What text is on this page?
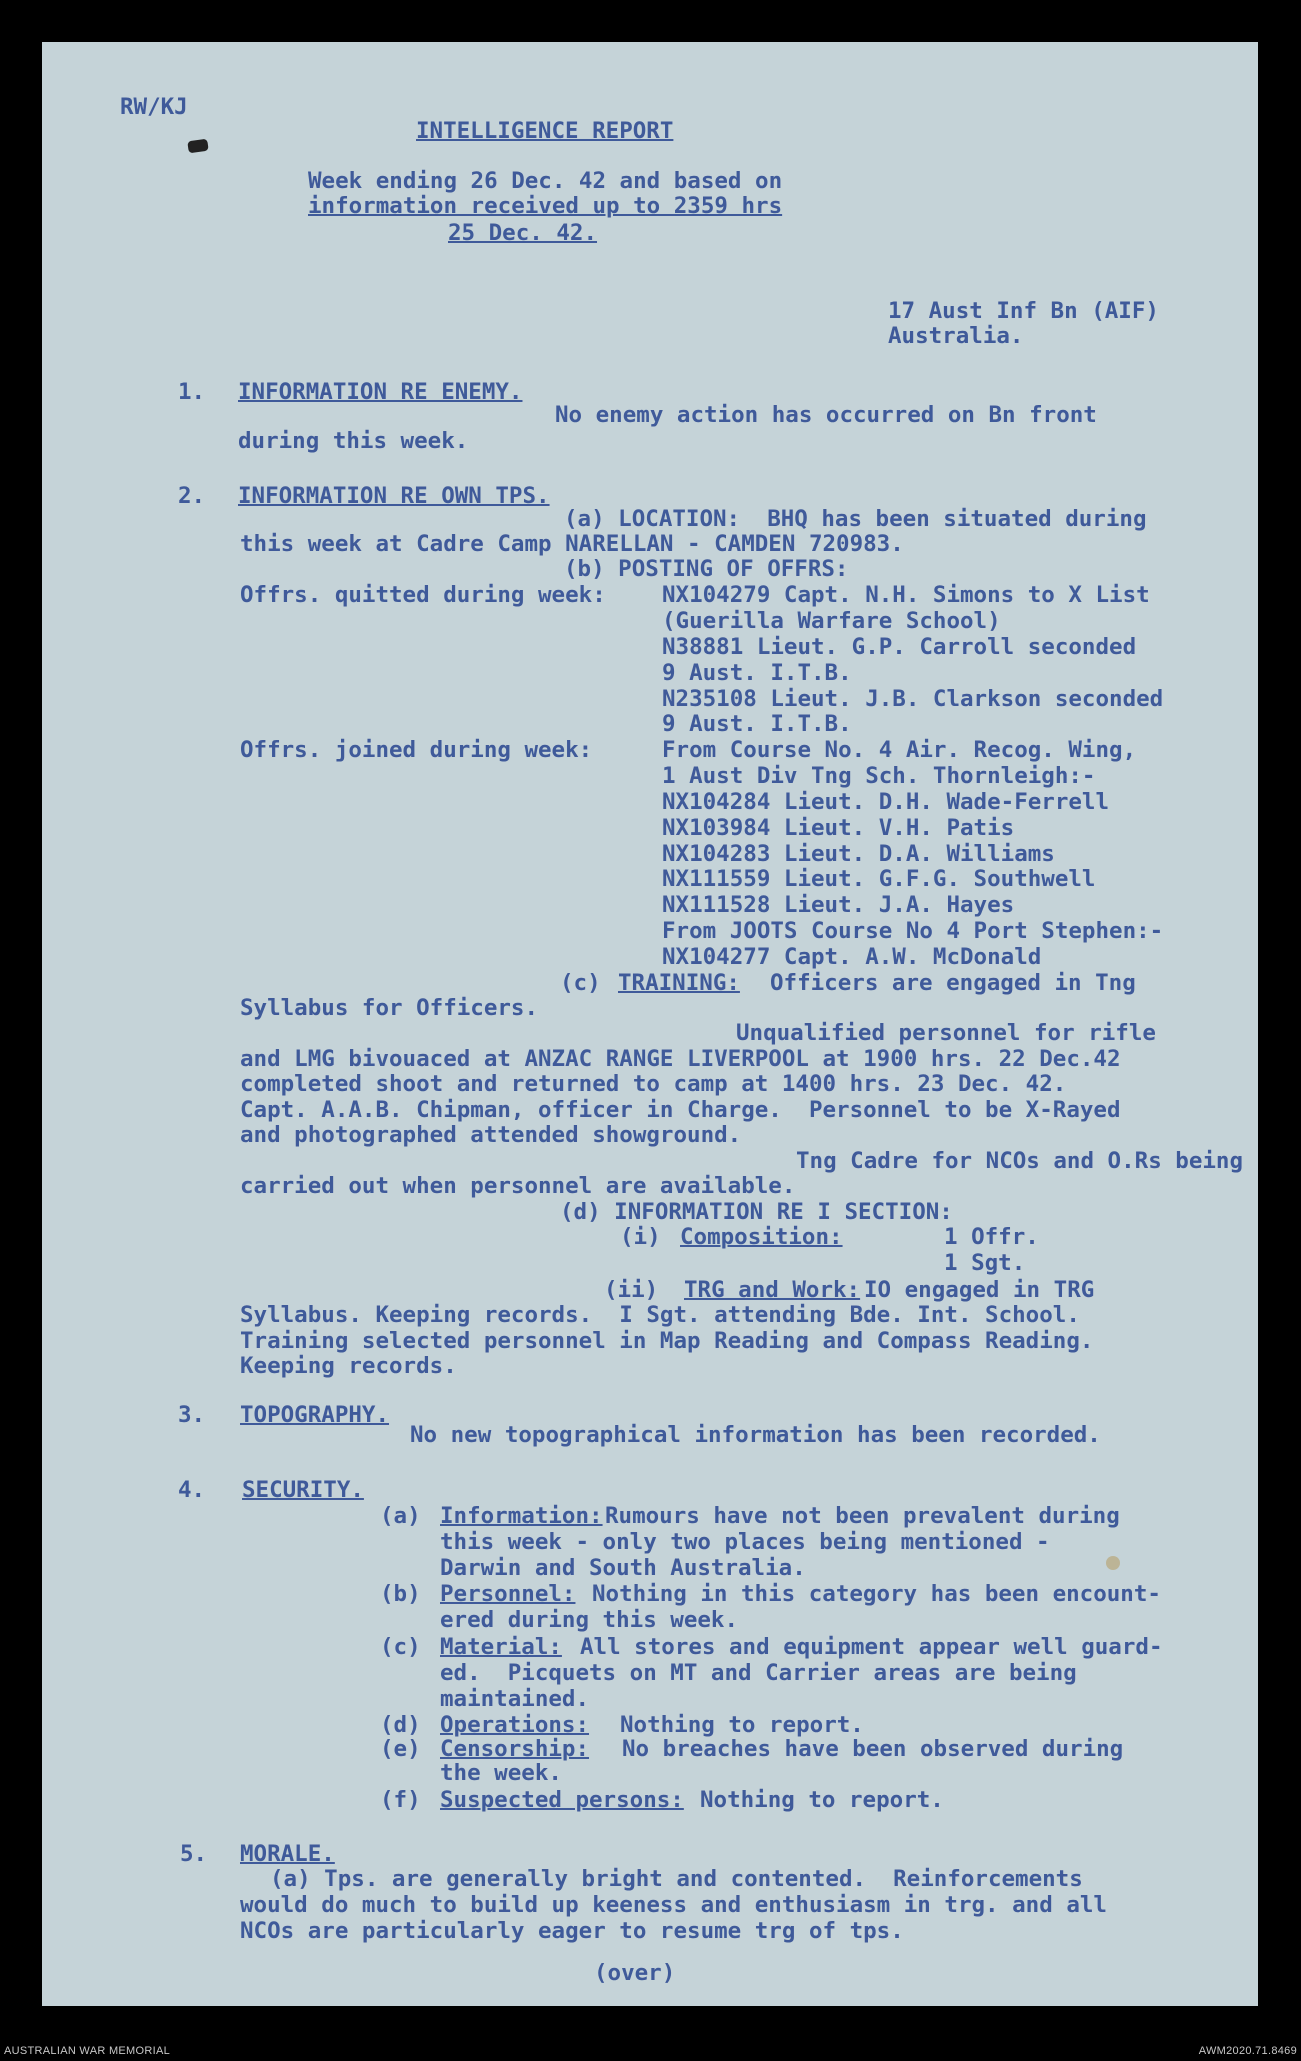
RW/KJ
INTELLIGENCE REPORT
Week ending 26 Dec. 42 and based on
information received up to 2359 hrs
25 Dec. 42.
17 Aust Inf Bn (AIF)
Australia.
1. INFORMATION RE ENEMY.
No enemy action has occurred on Bn front
during this week.
2. INFORMATION RE OWN TPS.
(a) LOCATION:  BHQ has been situated during
this week at Cadre Camp NARELLAN - CAMDEN 720983.
(b) POSTING OF OFFRS:
Offrs. quitted during week:	NX104279 Capt. N.H. Simons to X List
(Guerilla Warfare School)
N38881 Lieut. G.P. Carroll seconded
9 Aust. I.T.B.
N235108 Lieut. J.B. Clarkson seconded
9 Aust. I.T.B.
Offrs. joined during week:	From Course No. 4 Air. Recog. Wing,
1 Aust Div Tng Sch. Thornleigh:-
NX104284 Lieut. D.H. Wade-Ferrell
NX103984 Lieut. V.H. Patis
NX104283 Lieut. D.A. Williams
NX111559 Lieut. G.F.G. Southwell
NX111528 Lieut. J.A. Hayes
From JOOTS Course No 4 Port Stephen:-
NX104277 Capt. A.W. McDonald
(c) TRAINING: Officers are engaged in Tng
Syllabus for Officers.
Unqualified personnel for rifle
and LMG bivouaced at ANZAC RANGE LIVERPOOL at 1900 hrs. 22 Dec.42
completed shoot and returned to camp at 1400 hrs. 23 Dec. 42.
Capt. A.A.B. Chipman, officer in Charge.  Personnel to be X-Rayed
and photographed attended showground.
Tng Cadre for NCOs and O.Rs being
carried out when personnel are available.
(d) INFORMATION RE I SECTION:
(i) Composition:	1 Offr.
1 Sgt.
(ii) TRG and Work: IO engaged in TRG
Syllabus. Keeping records.  I Sgt. attending Bde. Int. School.
Training selected personnel in Map Reading and Compass Reading.
Keeping records.
3. TOPOGRAPHY.
No new topographical information has been recorded.
4. SECURITY.
(a) Information: Rumours have not been prevalent during
this week - only two places being mentioned -
Darwin and South Australia.
(b) Personnel: Nothing in this category has been encount-
ered during this week.
(c) Material: All stores and equipment appear well guard-
ed.  Picquets on MT and Carrier areas are being
maintained.
(d) Operations: Nothing to report.
(e) Censorship: No breaches have been observed during
the week.
(f) Suspected persons: Nothing to report.
5. MORALE.
(a) Tps. are generally bright and contented.  Reinforcements
would do much to build up keeness and enthusiasm in trg. and all
NCOs are particularly eager to resume trg of tps.
(over)
AUSTRALIAN WAR MEMORIAL	AWM2020.71.8469
